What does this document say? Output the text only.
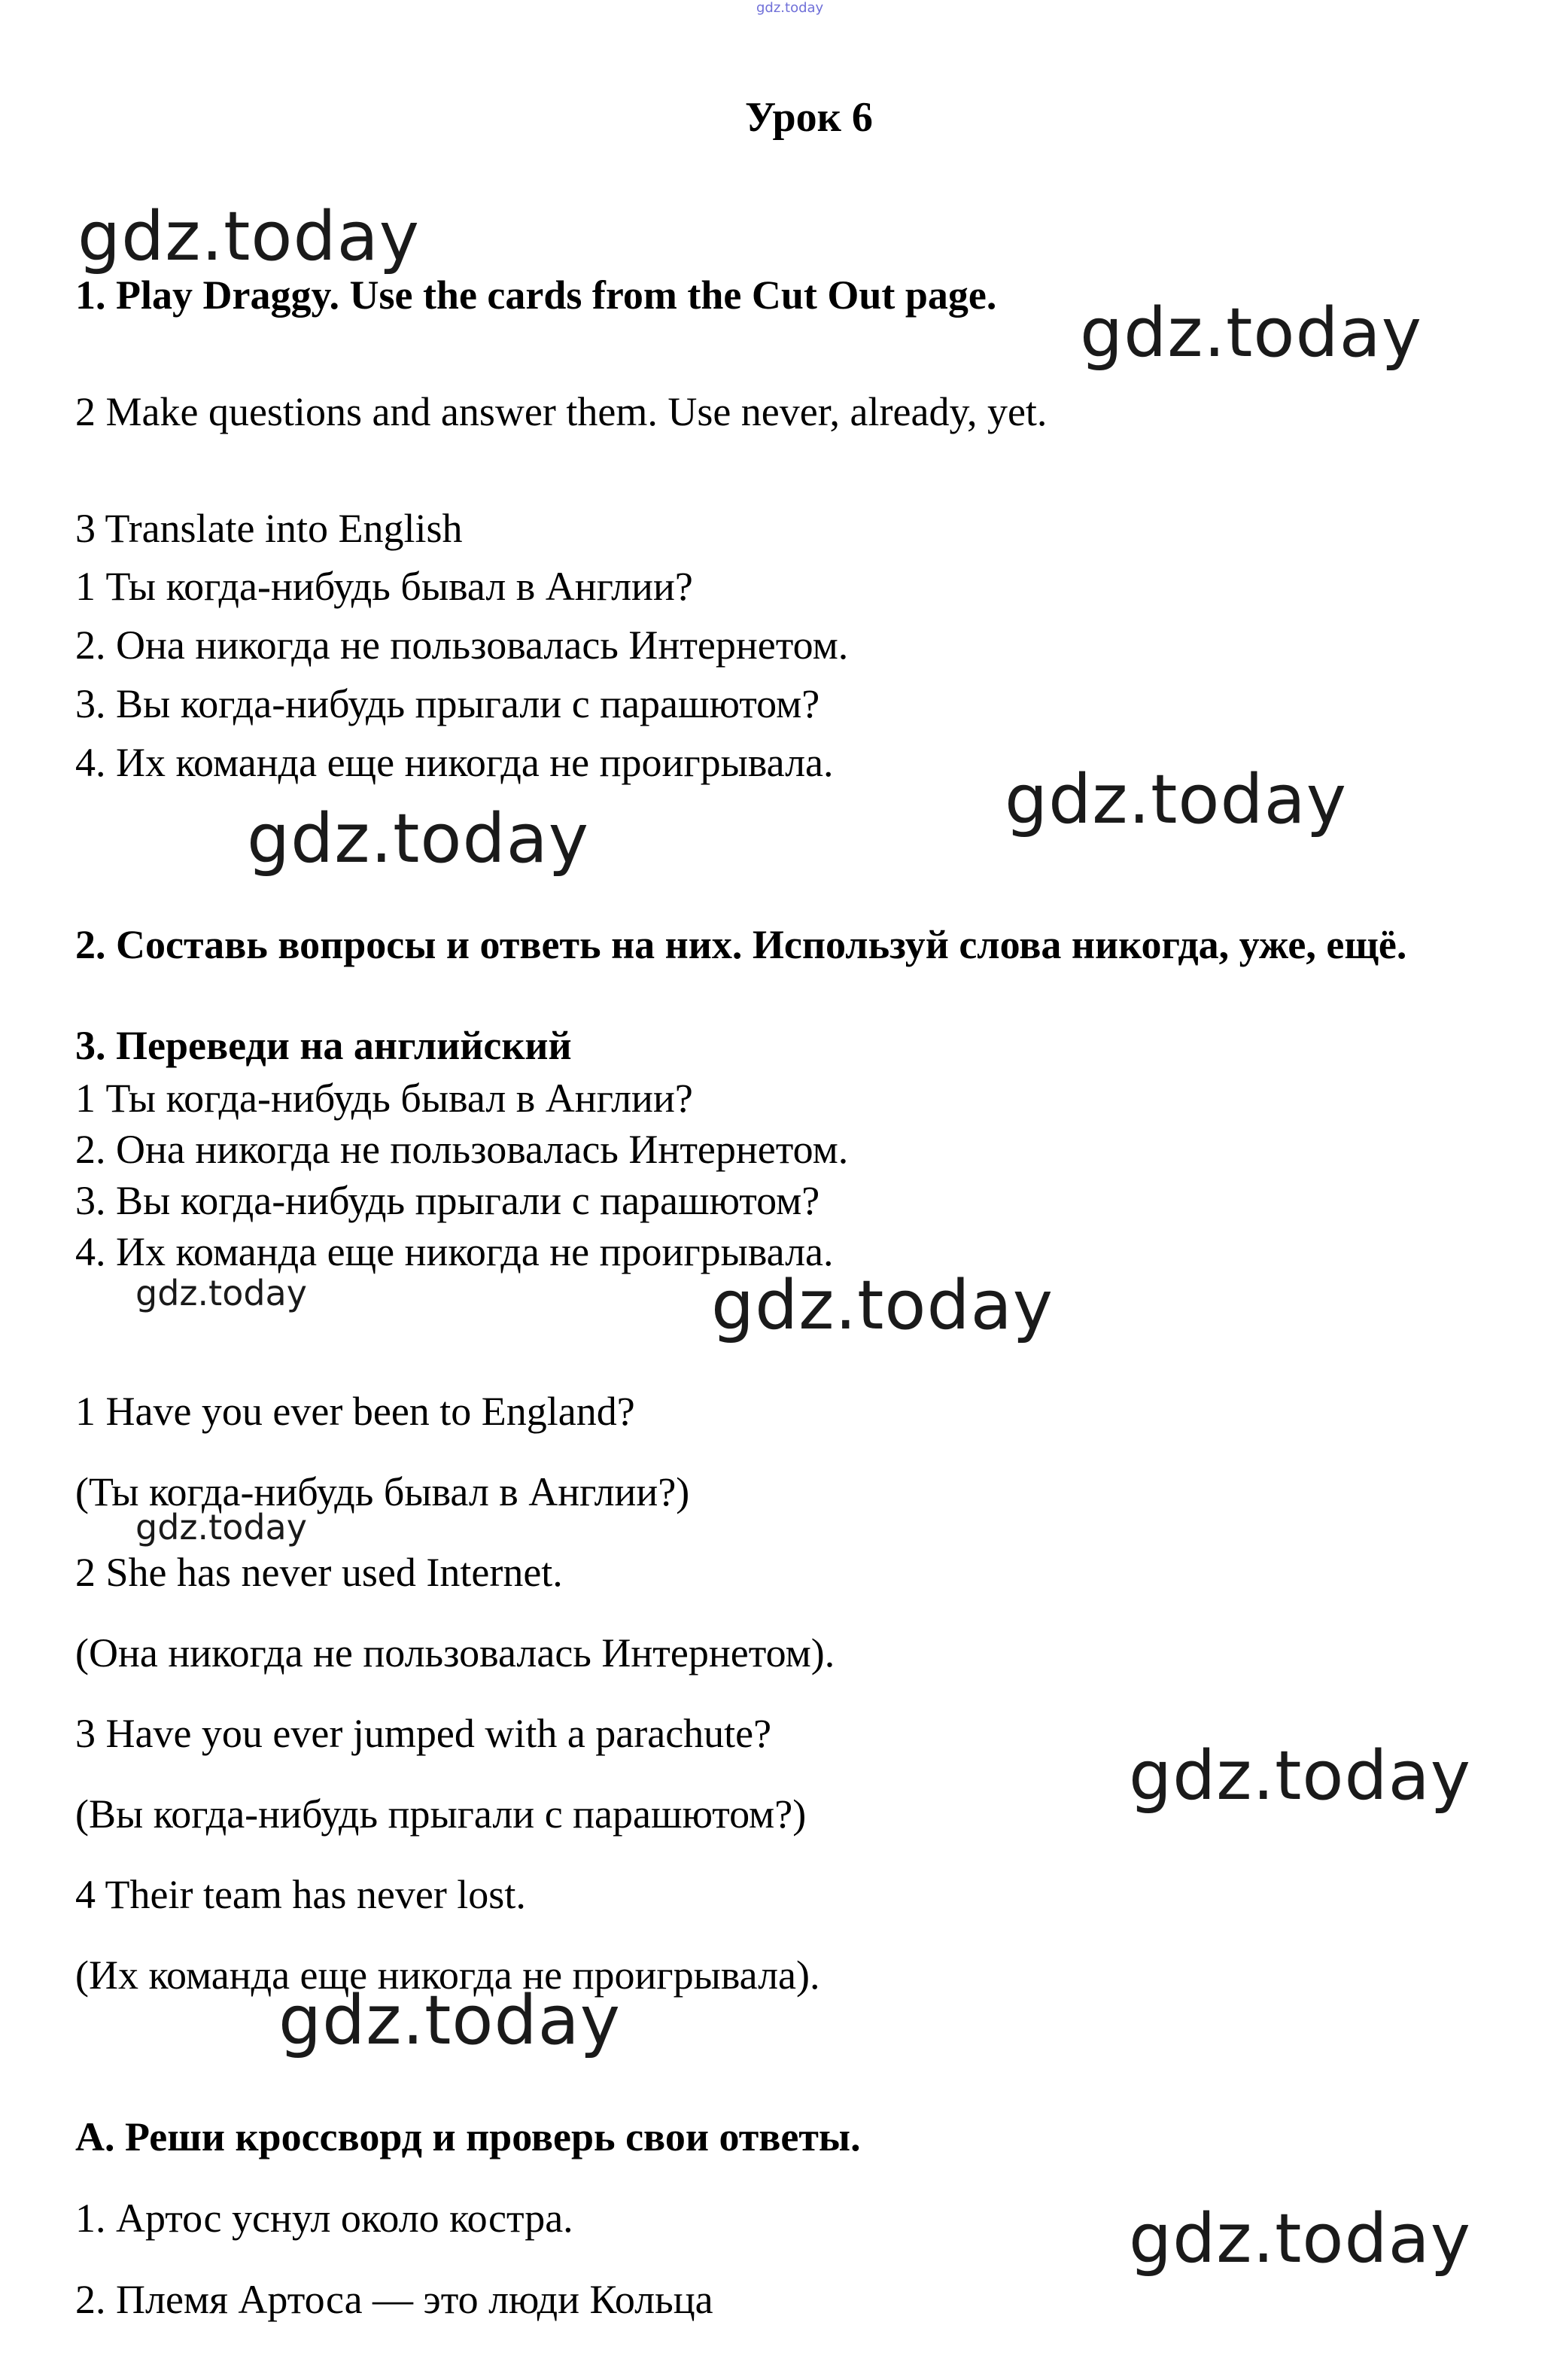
gdz.today
Урок 6
1. Play Draggy. Use the cards from the Cut Out page.
2 Make questions and answer them. Use never, already, yet.
3 Translate into English
1 Ты когда-нибудь бывал в Англии?
2. Она никогда не пользовалась Интернетом.
3. Вы когда-нибудь прыгали с парашютом?
4. Их команда еще никогда не проигрывала.
2. Составь вопросы и ответь на них. Используй слова никогда, уже, ещё.
3. Переведи на английский
1 Ты когда-нибудь бывал в Англии?
2. Она никогда не пользовалась Интернетом.
3. Вы когда-нибудь прыгали с парашютом?
4. Их команда еще никогда не проигрывала.
1 Have you ever been to England?
(Ты когда-нибудь бывал в Англии?)
2 She has never used Internet.
(Она никогда не пользовалась Интернетом).
3 Have you ever jumped with a parachute?
(Вы когда-нибудь прыгали с парашютом?)
4 Their team has never lost.
(Их команда еще никогда не проигрывала).
А. Реши кроссворд и проверь свои ответы.
1. Артос уснул около костра.
2. Племя Артоса — это люди Кольца
gdz.today
gdz.today
gdz.today
gdz.today
gdz.today	gdz.today
gdz.today
gdz.today
gdz.today
gdz.today
